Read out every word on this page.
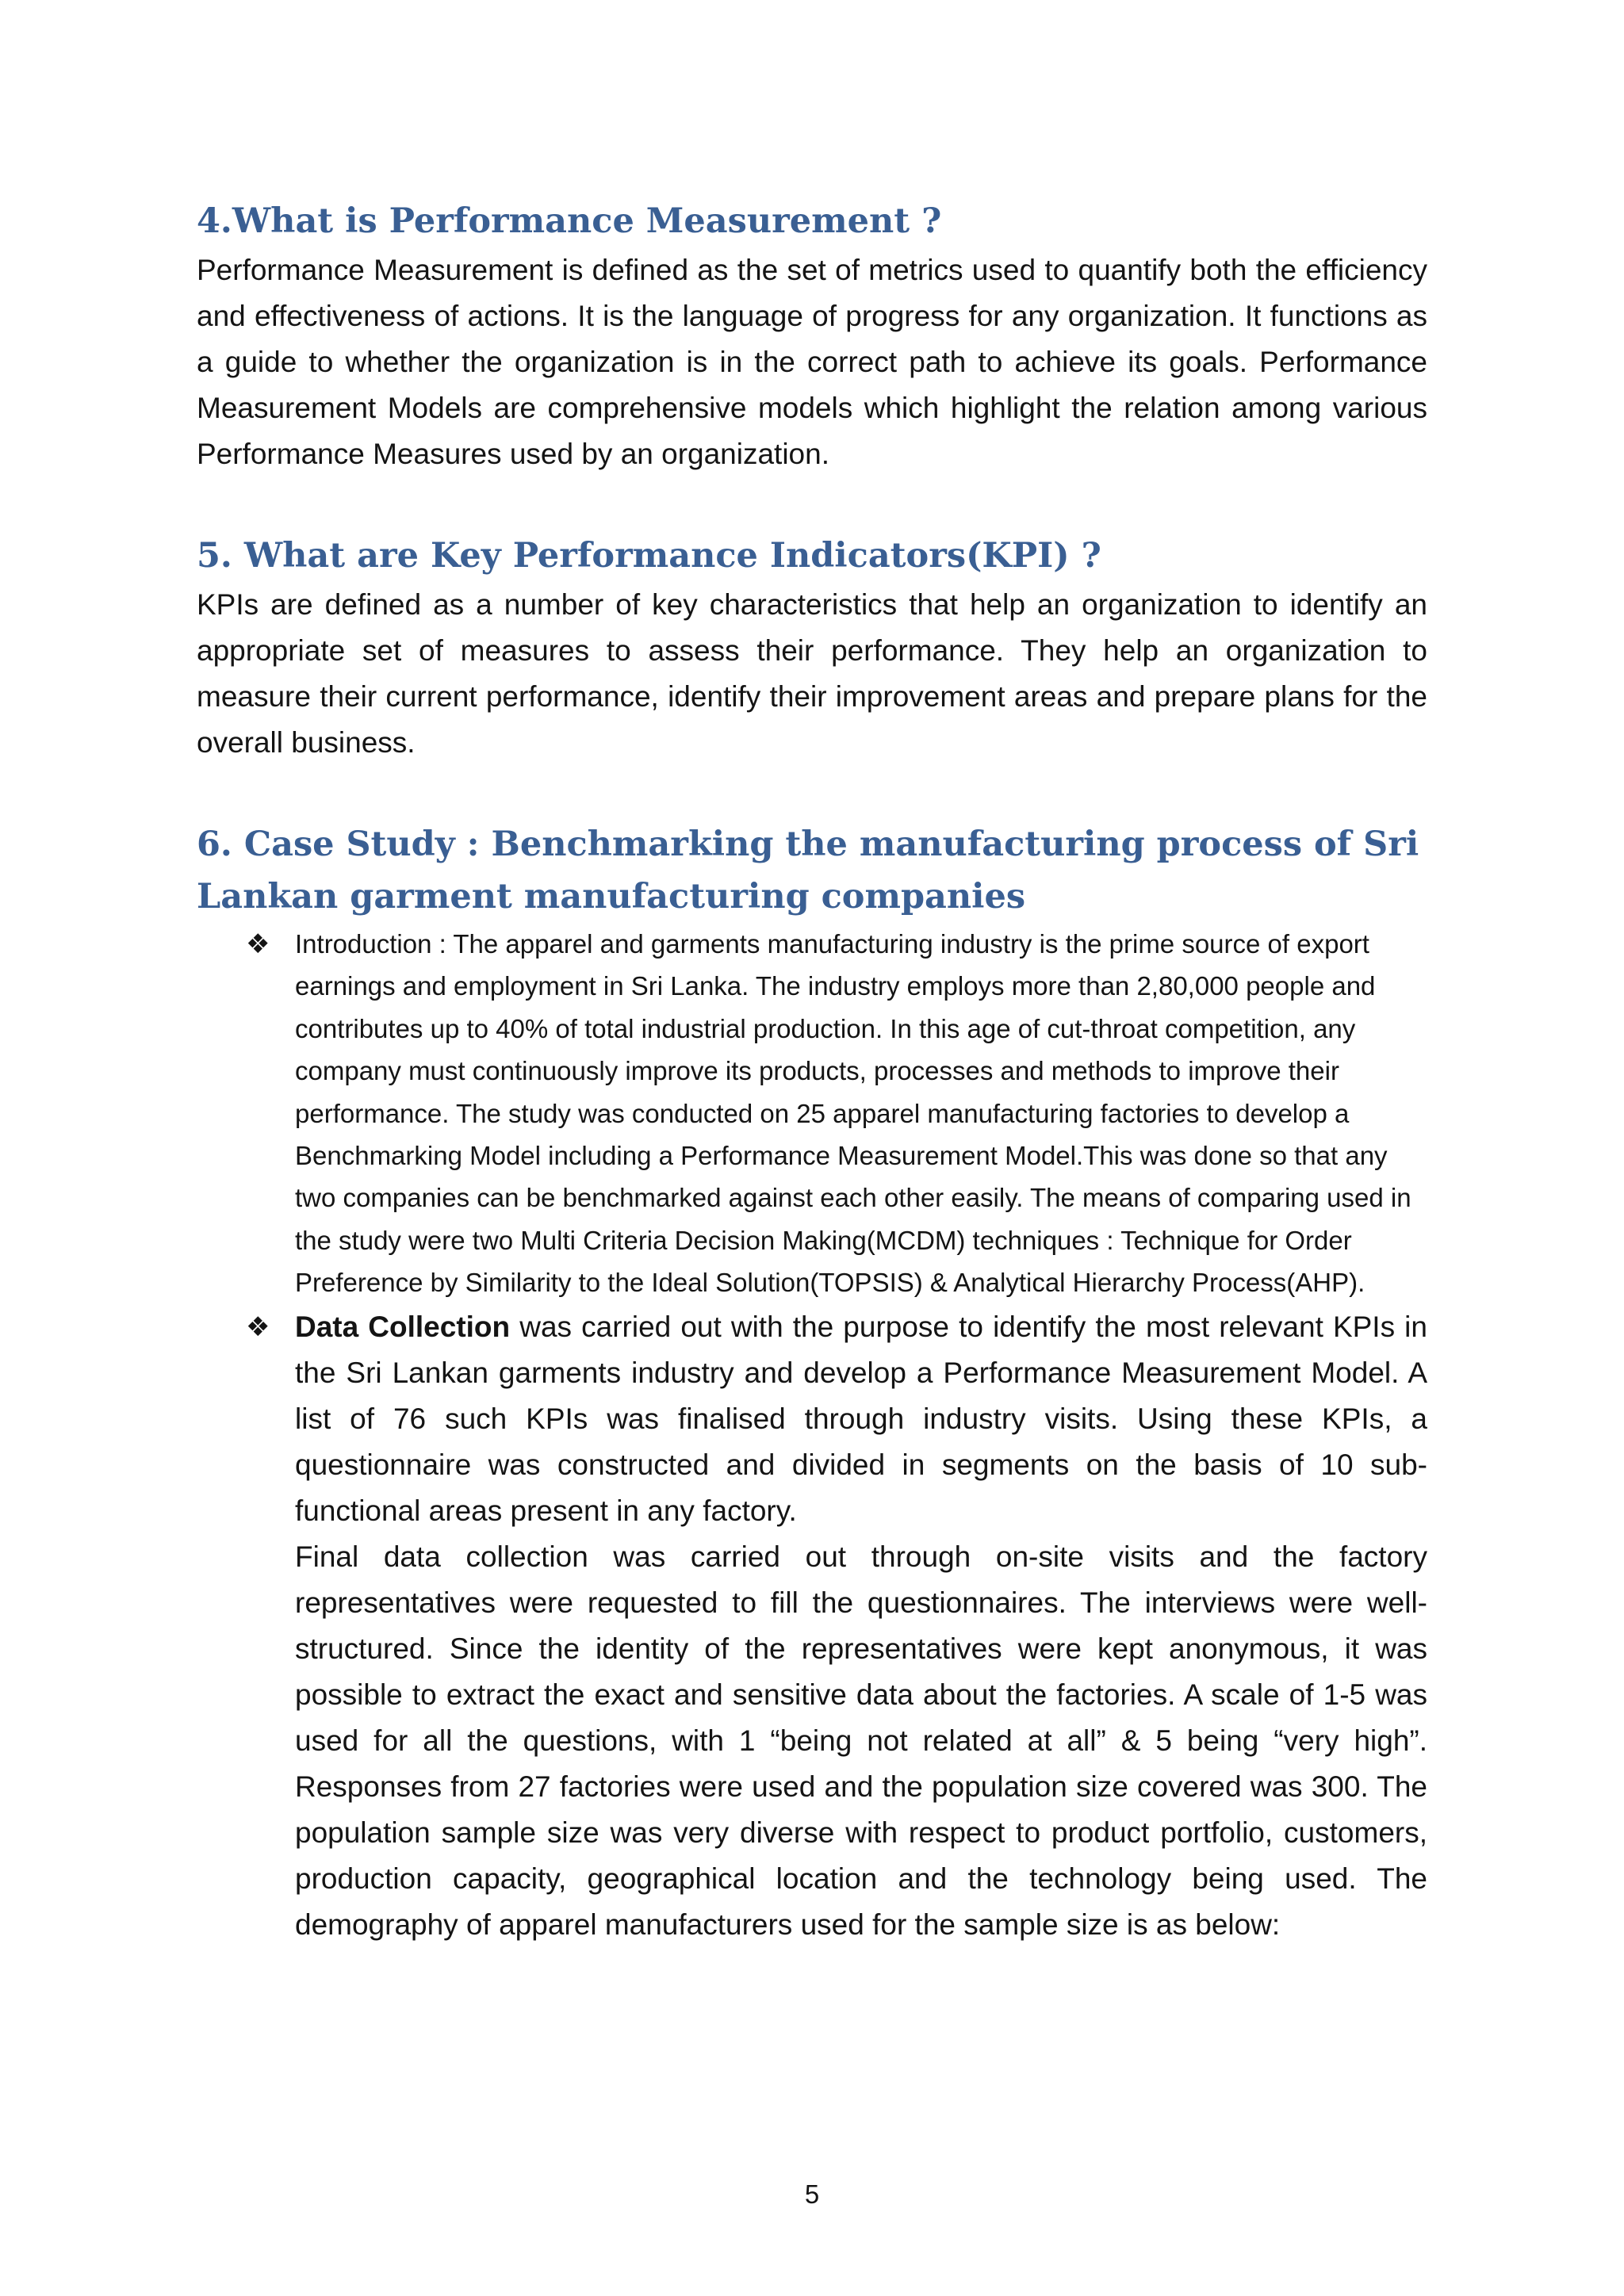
4.What is Performance Measurement ?

Performance Measurement is defined as the set of metrics used to quantify both the efficiency and effectiveness of actions. It is the language of progress for any organization. It functions as a guide to whether the organization is in the correct path to achieve its goals. Performance Measurement Models are comprehensive models which highlight the relation among various Performance Measures used by an organization.

5. What are Key Performance Indicators(KPI) ?

KPIs are defined as a number of key characteristics that help an organization to identify an appropriate set of measures to assess their performance. They help an organization to measure their current performance, identify their improvement areas and prepare plans for the overall business.

6. Case Study : Benchmarking the manufacturing process of Sri
Lankan garment manufacturing companies
❖ Introduction : The apparel and garments manufacturing industry is the prime source of export earnings and employment in Sri Lanka. The industry employs more than 2,80,000 people and contributes up to 40% of total industrial production. In this age of cut-throat competition, any company must continuously improve its products, processes and methods to improve their performance. The study was conducted on 25 apparel manufacturing factories to develop a Benchmarking Model including a Performance Measurement Model.This was done so that any two companies can be benchmarked against each other easily. The means of comparing used in the study were two Multi Criteria Decision Making(MCDM) techniques : Technique for Order Preference by Similarity to the Ideal Solution(TOPSIS) & Analytical Hierarchy Process(AHP).

❖ Data Collection was carried out with the purpose to identify the most relevant KPIs in the Sri Lankan garments industry and develop a Performance Measurement Model. A list of 76 such KPIs was finalised through industry visits. Using these KPIs, a questionnaire was constructed and divided in segments on the basis of 10 sub-functional areas present in any factory.

Final data collection was carried out through on-site visits and the factory representatives were requested to fill the questionnaires. The interviews were well-structured. Since the identity of the representatives were kept anonymous, it was possible to extract the exact and sensitive data about the factories. A scale of 1-5 was used for all the questions, with 1 “being not related at all” & 5 being “very high”. Responses from 27 factories were used and the population size covered was 300. The population sample size was very diverse with respect to product portfolio, customers, production capacity, geographical location and the technology being used. The demography of apparel manufacturers used for the sample size is as below:

5
